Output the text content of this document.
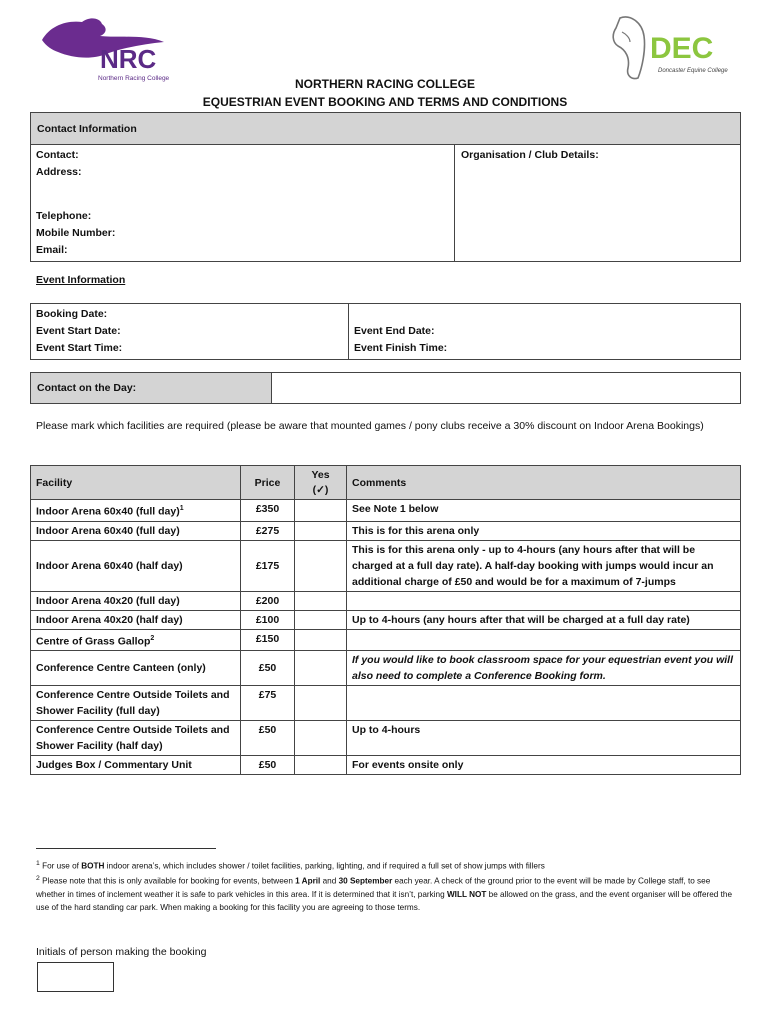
NRC
Northern Racing College
DEC
Doncaster Equine College
NORTHERN RACING COLLEGE
EQUESTRIAN EVENT BOOKING AND TERMS AND CONDITIONS
Contact Information

Contact:
Address:
Telephone:
Mobile Number:
Email:
	Organisation / Club Details:
Event Information
Booking Date:
Event Start Date:
Event Start Time:

Event End Date:
Event Finish Time:
Contact on the Day:	
Please mark which facilities are required (please be aware that mounted games / pony clubs receive a 30% discount on Indoor Arena Bookings)
Facility	Price	Yes
(✓)	Comments
Indoor Arena 60x40 (full day)$^1$	£350		See Note 1 below
Indoor Arena 60x40 (full day)	£275		This is for this arena only
Indoor Arena 60x40 (half day)	£175		This is for this arena only - up to 4-hours (any hours after that will be charged at a full day rate). A half-day booking with jumps would incur an additional charge of £50 and would be for a maximum of 7-jumps
Indoor Arena 40x20 (full day)	£200		
Indoor Arena 40x20 (half day)	£100		Up to 4-hours (any hours after that will be charged at a full day rate)
Centre of Grass Gallop$^2$	£150		
Conference Centre Canteen (only)	£50		If you would like to book classroom space for your equestrian event you will also need to complete a Conference Booking form.
Conference Centre Outside Toilets and Shower Facility (full day)	£75		
Conference Centre Outside Toilets and Shower Facility (half day)	£50		Up to 4-hours
Judges Box / Commentary Unit	£50		For events onsite only
$^1$ For use of BOTH indoor arena’s, which includes shower / toilet facilities, parking, lighting, and if required a full set of show jumps with fillers
$^2$ Please note that this is only available for booking for events, between 1 April and 30 September each year. A check of the ground prior to the event will be made by College staff, to see whether in times of inclement weather it is safe to park vehicles in this area. If it is determined that it isn’t, parking WILL NOT be allowed on the grass, and the event organiser will be offered the use of the hard standing car park. When making a booking for this facility you are agreeing to those terms.
Initials of person making the booking
